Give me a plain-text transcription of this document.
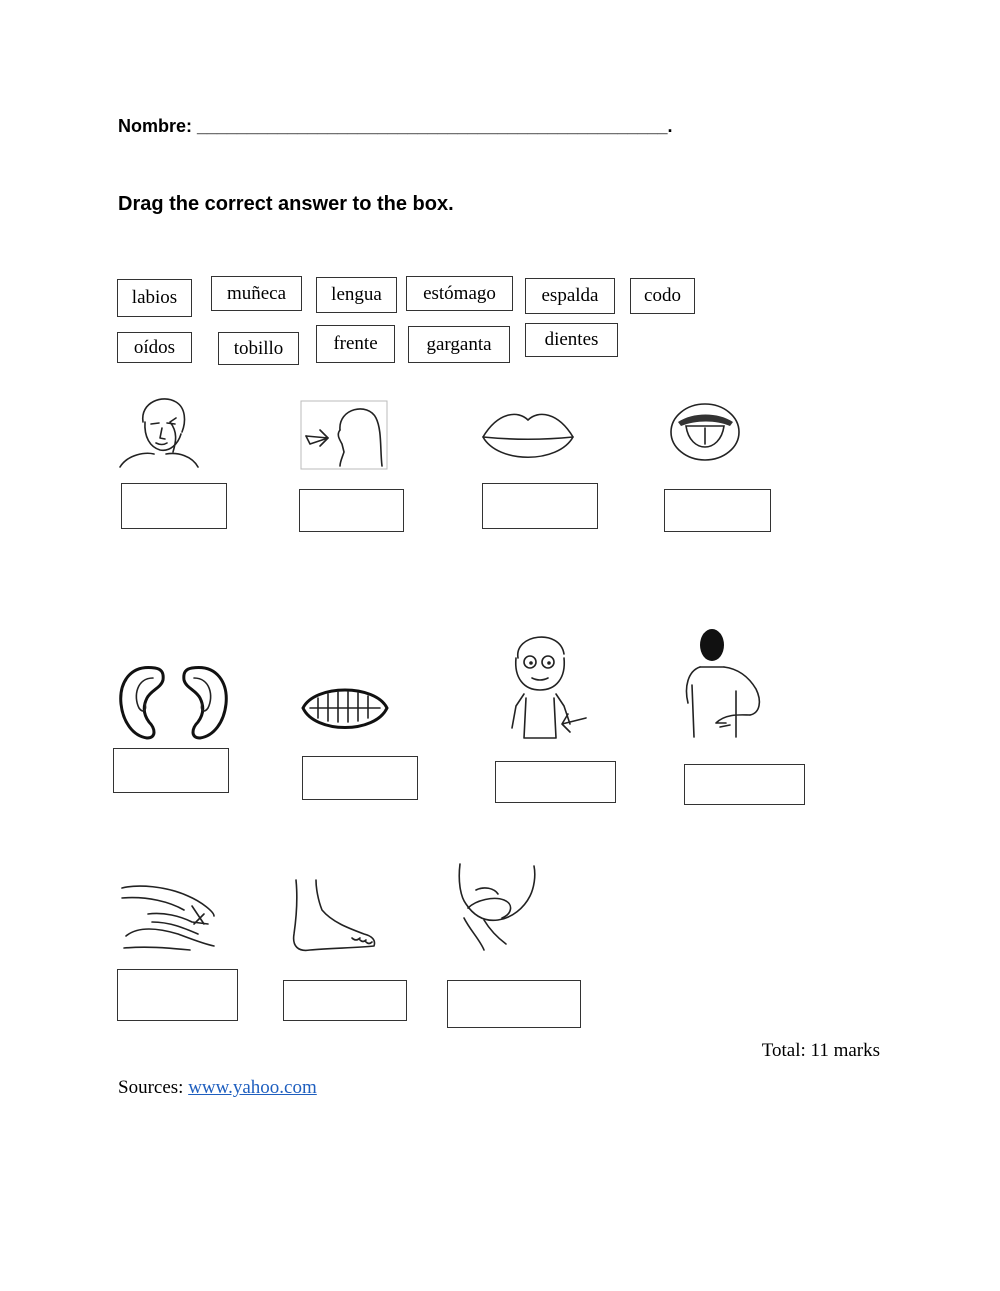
Nombre: _______________________________________________.
Drag the correct answer to the box.
labios	muñeca	lengua	estómago	espalda	codo
oídos	tobillo	frente	garganta	dientes
Total: 11 marks
Sources: www.yahoo.com
